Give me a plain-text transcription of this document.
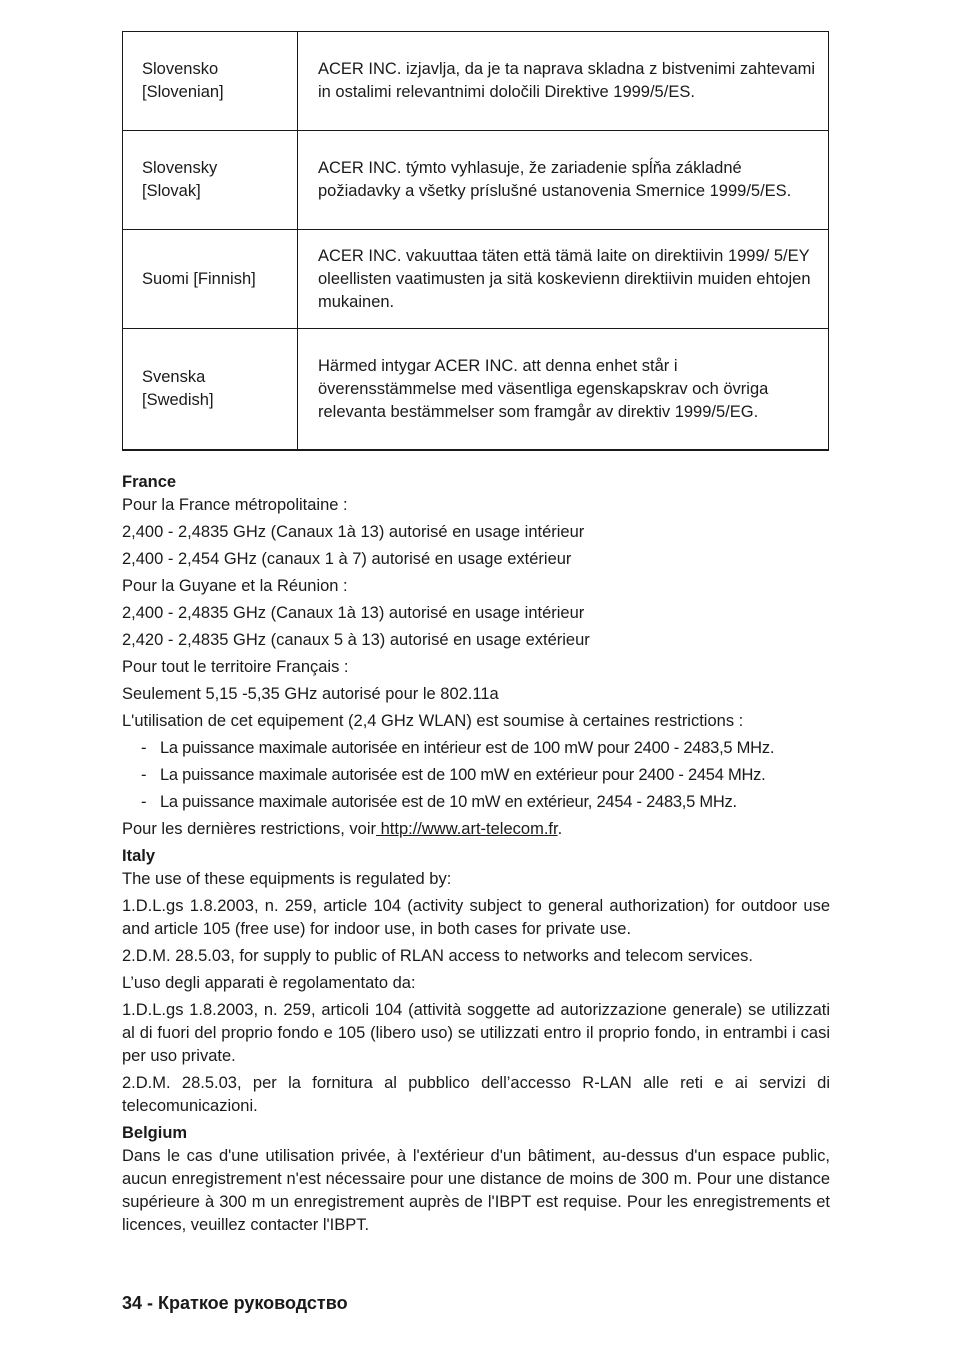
Slovensko
[Slovenian]	ACER INC. izjavlja, da je ta naprava skladna z bistvenimi zahtevami in ostalimi relevantnimi določili Direktive 1999/5/ES.

Slovensky
[Slovak]	ACER INC. týmto vyhlasuje, že zariadenie spĺňa základné požiadavky a všetky príslušné ustanovenia Smernice 1999/5/ES.

Suomi [Finnish]	ACER INC. vakuuttaa täten että tämä laite on direktiivin 1999/ 5/EY oleellisten vaatimusten ja sitä koskevienn direktiivin muiden ehtojen mukainen.

Svenska
[Swedish]	Härmed intygar ACER INC. att denna enhet står i överensstämmelse med väsentliga egenskapskrav och övriga relevanta bestämmelser som framgår av direktiv 1999/5/EG.
France

Pour la France métropolitaine :

2,400 - 2,4835 GHz (Canaux 1à 13) autorisé en usage intérieur

2,400 - 2,454 GHz (canaux 1 à 7) autorisé en usage extérieur

Pour la Guyane et la Réunion :

2,400 - 2,4835 GHz (Canaux 1à 13) autorisé en usage intérieur

2,420 - 2,4835 GHz (canaux 5 à 13) autorisé en usage extérieur

Pour tout le territoire Français :

Seulement 5,15 -5,35 GHz autorisé pour le 802.11a

L'utilisation de cet equipement (2,4 GHz WLAN) est soumise à certaines restrictions :

- La puissance maximale autorisée en intérieur est de 100 mW pour 2400 - 2483,5 MHz.
- La puissance maximale autorisée est de 100 mW en extérieur pour 2400 - 2454 MHz.
- La puissance maximale autorisée est de 10 mW en extérieur, 2454 - 2483,5 MHz.

Pour les dernières restrictions, voir http://www.art-telecom.fr.

Italy

The use of these equipments is regulated by:

1.D.L.gs 1.8.2003, n. 259, article 104 (activity subject to general authorization) for outdoor use and article 105 (free use) for indoor use, in both cases for private use.

2.D.M. 28.5.03, for supply to public of RLAN access to networks and telecom services.

L’uso degli apparati è regolamentato da:

1.D.L.gs 1.8.2003, n. 259, articoli 104 (attività soggette ad autorizzazione generale) se utilizzati al di fuori del proprio fondo e 105 (libero uso) se utilizzati entro il proprio fondo, in entrambi i casi per uso private.

2.D.M. 28.5.03, per la fornitura al pubblico dell’accesso R-LAN alle reti e ai servizi di telecomunicazioni.

Belgium

Dans le cas d'une utilisation privée, à l'extérieur d'un bâtiment, au-dessus d'un espace public, aucun enregistrement n'est nécessaire pour une distance de moins de 300 m. Pour une distance supérieure à 300 m un enregistrement auprès de l'IBPT est requise. Pour les enregistrements et licences, veuillez contacter l'IBPT.

34 - Краткое руководство
